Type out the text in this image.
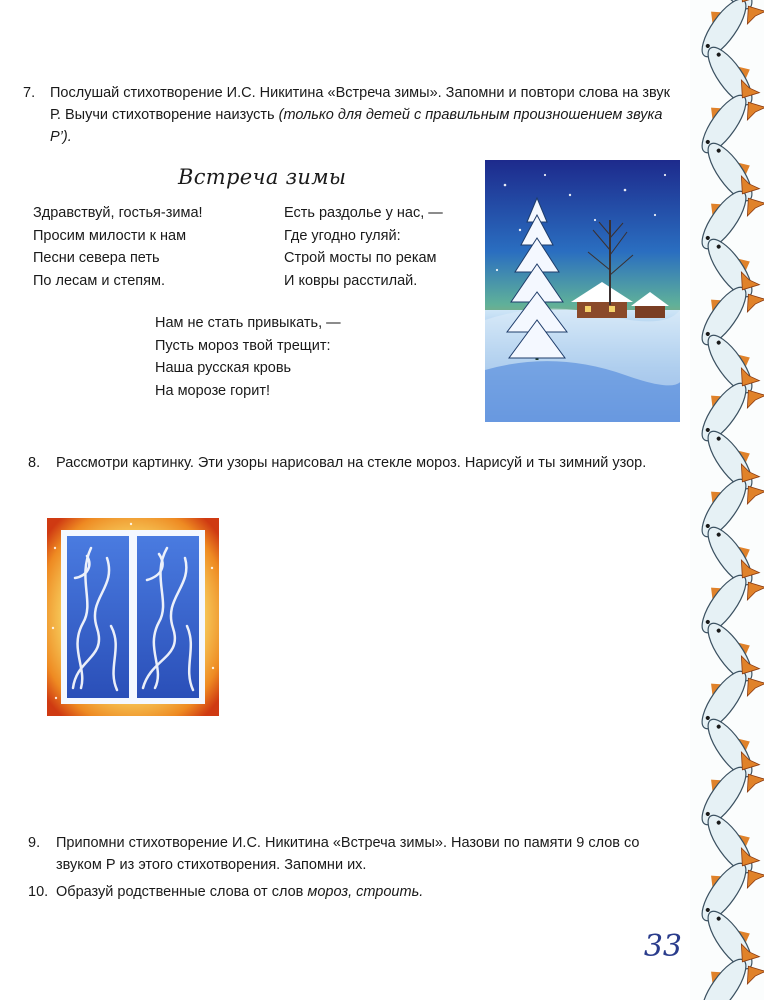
7. Послушай стихотворение И.С. Никитина «Встреча зимы». Запомни и повтори слова на звук Р. Выучи стихотворение наизусть (только для детей с правильным произношением звука Р’).
Встреча зимы
Здравствуй, гостья-зима!
Просим милости к нам
Песни севера петь
По лесам и степям.
Есть раздолье у нас, —
Где угодно гуляй:
Строй мосты по рекам
И ковры расстилай.
Нам не стать привыкать, —
Пусть мороз твой трещит:
Наша русская кровь
На морозе горит!
8. Рассмотри картинку. Эти узоры нарисовал на стекле мороз. Нарисуй и ты зимний узор.
9. Припомни стихотворение И.С. Никитина «Встреча зимы». Назови по памяти 9 слов со звуком Р из этого стихотворения. Запомни их.
10. Образуй родственные слова от слов мороз, строить.
33
